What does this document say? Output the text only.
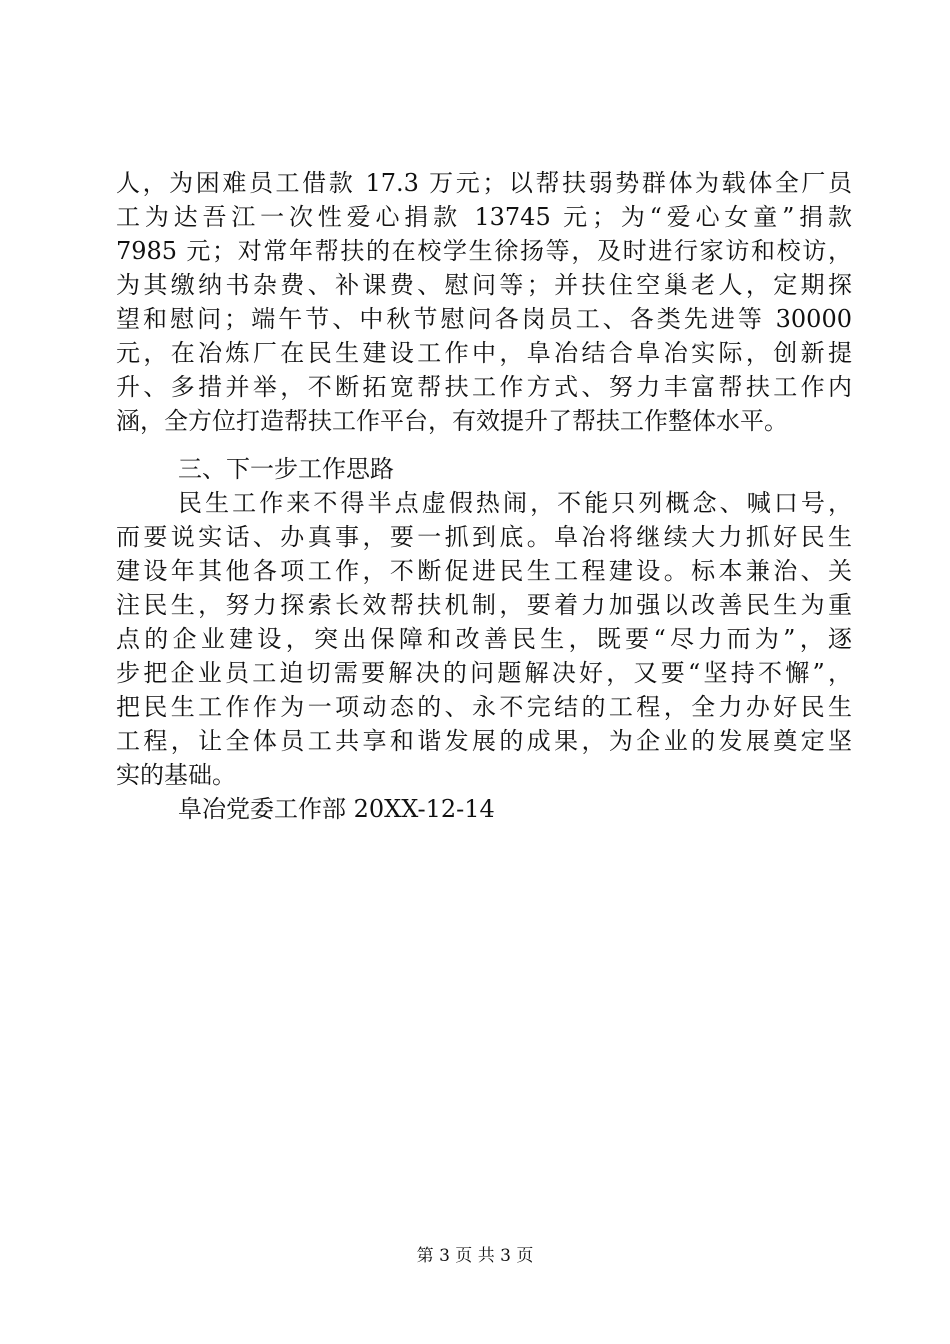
人，为困难员工借款 17.3 万元；以帮扶弱势群体为载体全厂员
工为达吾江一次性爱心捐款 13745 元；为“爱心女童”捐款
7985 元；对常年帮扶的在校学生徐扬等，及时进行家访和校访，
为其缴纳书杂费、补课费、慰问等；并扶住空巢老人，定期探
望和慰问；端午节、中秋节慰问各岗员工、各类先进等 30000
元，在冶炼厂在民生建设工作中，阜冶结合阜冶实际，创新提
升、多措并举，不断拓宽帮扶工作方式、努力丰富帮扶工作内
涵，全方位打造帮扶工作平台，有效提升了帮扶工作整体水平。
三、下一步工作思路
民生工作来不得半点虚假热闹，不能只列概念、喊口号，
而要说实话、办真事，要一抓到底。阜冶将继续大力抓好民生
建设年其他各项工作，不断促进民生工程建设。标本兼治、关
注民生，努力探索长效帮扶机制，要着力加强以改善民生为重
点的企业建设，突出保障和改善民生，既要“尽力而为”，逐
步把企业员工迫切需要解决的问题解决好，又要“坚持不懈”，
把民生工作作为一项动态的、永不完结的工程，全力办好民生
工程，让全体员工共享和谐发展的成果，为企业的发展奠定坚
实的基础。
阜冶党委工作部 20XX-12-14
第 3 页 共 3 页
